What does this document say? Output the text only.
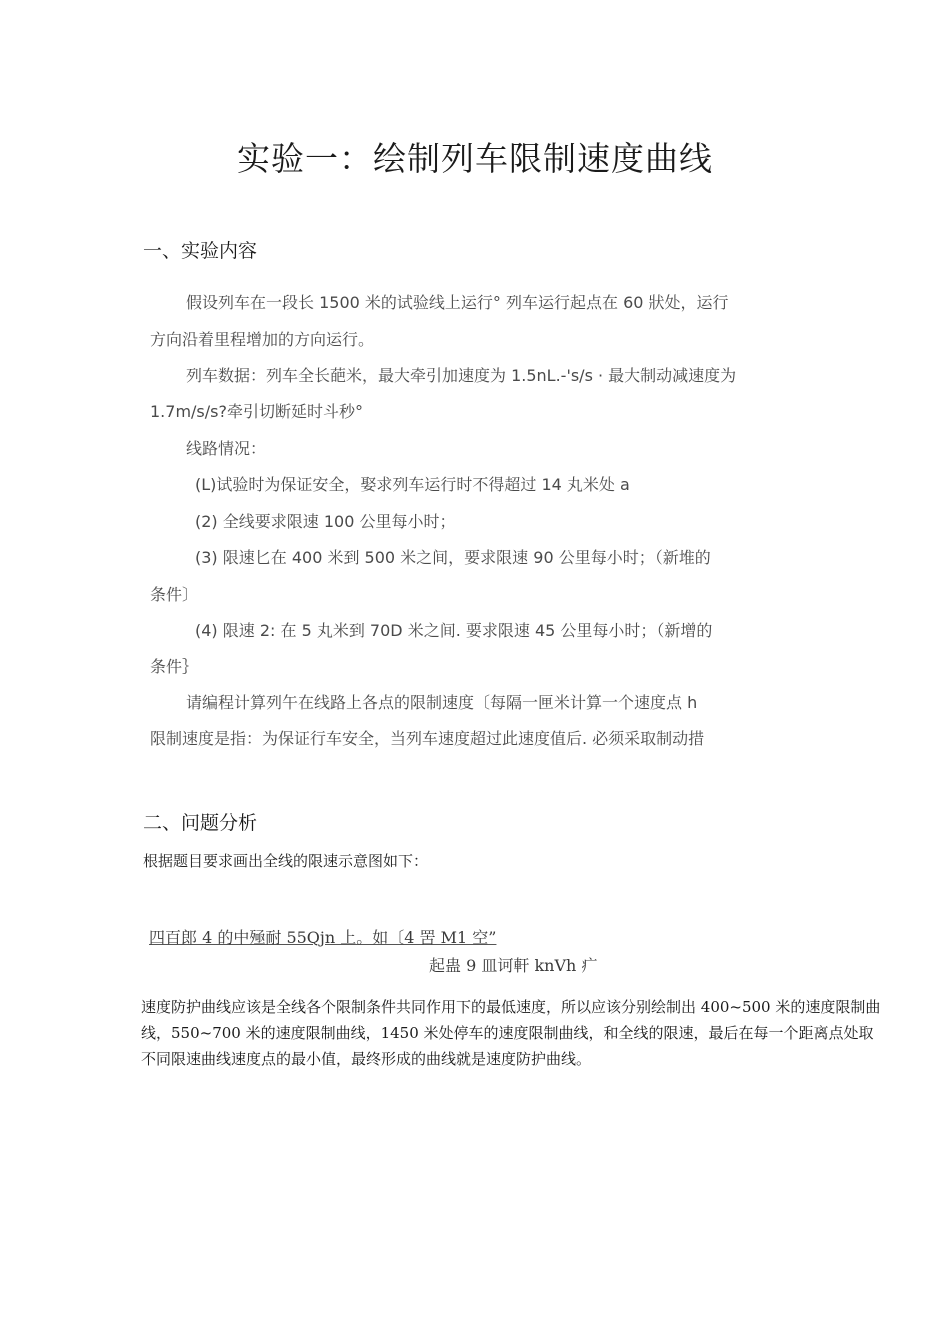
实验一：绘制列车限制速度曲线
一、实验内容
假设列车在一段长 1500 米的试验线上运行° 列车运行起点在 60 狀处，运行
方向沿着里程增加的方向运行。
列车数据：列车全长葩米，最大牵引加速度为 1.5nL.-'s/s · 最大制动减速度为
1.7m/s/s?牵引切断延时斗秒°
线路情况：
(L)试验时为保证安全，娶求列车运行时不得超过 14 丸米处 a
(2) 全线要求限速 100 公里每小时；
(3) 限速匕在 400 米到 500 米之间，要求限速 90 公里每小时；（新堆的
条件〕
(4) 限速 2: 在 5 丸米到 70D 米之间. 要求限速 45 公里每小时；（新增的
条件｝
请编程计算列午在线路上各点的限制速度〔每隔一匣米计算一个速度点 h
限制速度是指：为保证行车安全，当列车速度超过此速度值后. 必须采取制动措
二、问题分析
根据题目要求画出全线的限速示意图如下：
四百郎 4 的中殛耐 55Qjn 上。如〔4 罟 M1 空”
起蛊 9 皿诃軒 knVh 疒
速度防护曲线应该是全线各个限制条件共同作用下的最低速度，所以应该分别绘制出 400~500 米的速度限制曲线，550~700 米的速度限制曲线，1450 米处停车的速度限制曲线，和全线的限速，最后在每一个距离点处取不同限速曲线速度点的最小值，最终形成的曲线就是速度防护曲线。
